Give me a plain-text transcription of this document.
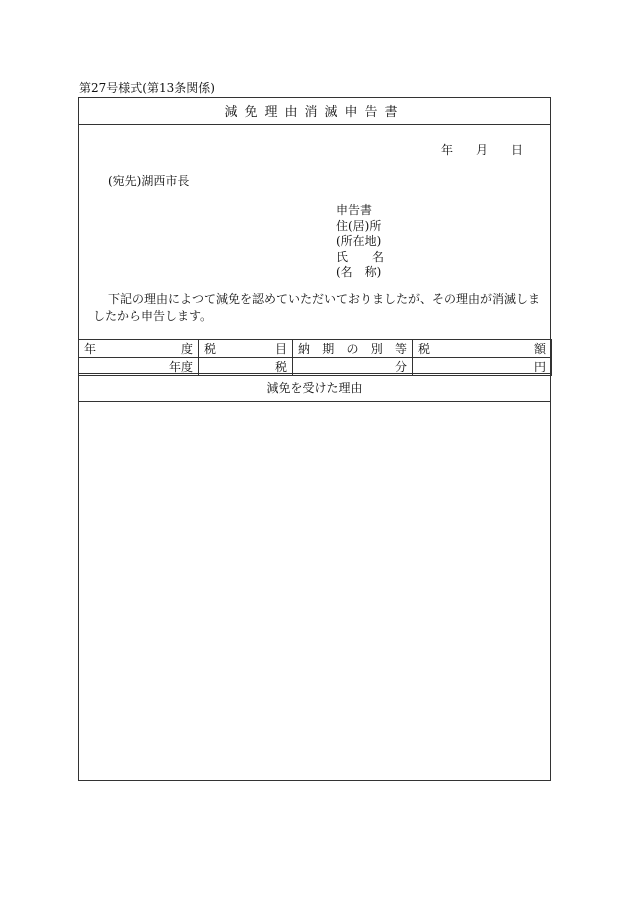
第27号様式(第13条関係)
減免理由消滅申告書
年 月 日
(宛先)湖西市長
申告書
住(居)所
(所在地)
氏　　名
(名　称)
下記の理由によつて減免を認めていただいておりましたが、その理由が消滅しましたから申告します。
年 度	税 目	納 期 の 別 等	税 額

年度	税	分	円
減免を受けた理由
